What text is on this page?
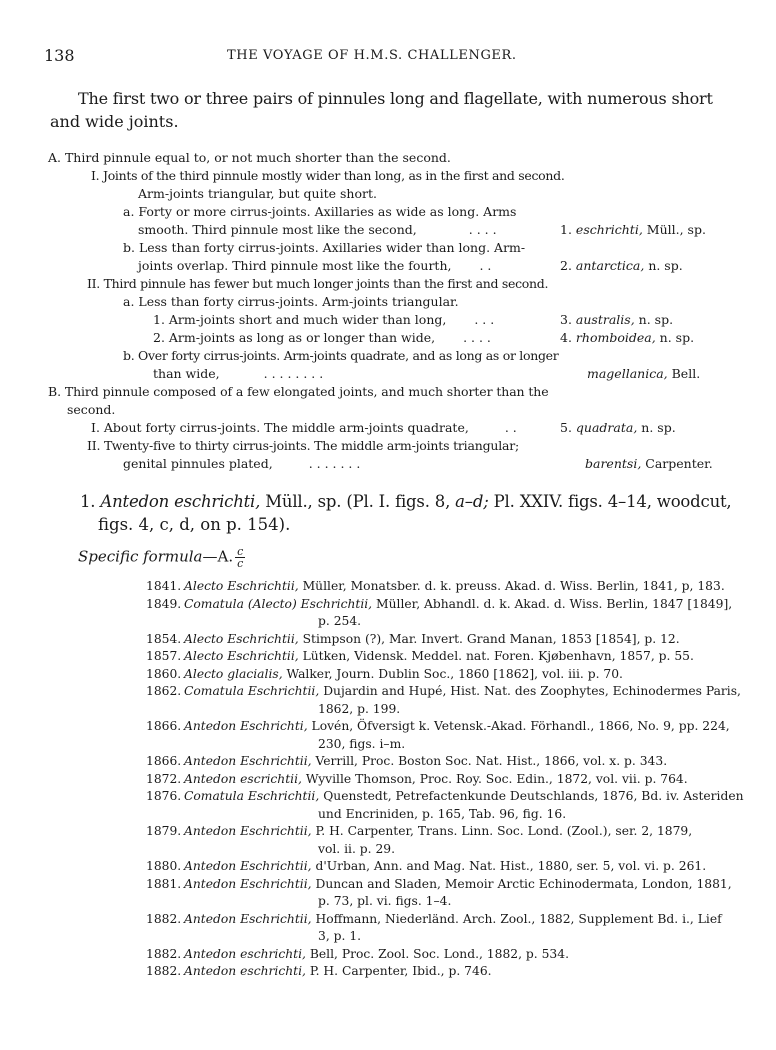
138	THE VOYAGE OF H.M.S. CHALLENGER.
The first two or three pairs of pinnules long and flagellate, with numerous short
and wide joints.
A. Third pinnule equal to, or not much shorter than the second.
I. Joints of the third pinnule mostly wider than long, as in the first and second.
Arm-joints triangular, but quite short.
a. Forty or more cirrus-joints. Axillaries as wide as long. Arms
smooth. Third pinnule most like the second,	. . . .	1. eschrichti, Müll., sp.
b. Less than forty cirrus-joints. Axillaries wider than long. Arm-
joints overlap. Third pinnule most like the fourth, . .	2. antarctica, n. sp.
II. Third pinnule has fewer but much longer joints than the first and second.
a. Less than forty cirrus-joints. Arm-joints triangular.
1. Arm-joints short and much wider than long, . . .	3. australis, n. sp.
2. Arm-joints as long as or longer than wide, . . . .	4. rhomboidea, n. sp.
b. Over forty cirrus-joints. Arm-joints quadrate, and as long as or longer
than wide,	. . . . . . . .	magellanica, Bell.
B. Third pinnule composed of a few elongated joints, and much shorter than the
second.
I. About forty cirrus-joints. The middle arm-joints quadrate,	. .	5. quadrata, n. sp.
II. Twenty-five to thirty cirrus-joints. The middle arm-joints triangular;
genital pinnules plated,	. . . . . . .	barentsi, Carpenter.
1. Antedon eschrichti, Müll., sp. (Pl. I. figs. 8, a–d; Pl. XXIV. figs. 4–14, woodcut,
figs. 4, c, d, on p. 154).
Specific formula—A. $\frac{c}{c}$
1841. Alecto Eschrichtii, Müller, Monatsber. d. k. preuss. Akad. d. Wiss. Berlin, 1841, p, 183.
1849. Comatula (Alecto) Eschrichtii, Müller, Abhandl. d. k. Akad. d. Wiss. Berlin, 1847 [1849],
p. 254.
1854. Alecto Eschrichtii, Stimpson (?), Mar. Invert. Grand Manan, 1853 [1854], p. 12.
1857. Alecto Eschrichtii, Lütken, Vidensk. Meddel. nat. Foren. Kjøbenhavn, 1857, p. 55.
1860. Alecto glacialis, Walker, Journ. Dublin Soc., 1860 [1862], vol. iii. p. 70.
1862. Comatula Eschrichtii, Dujardin and Hupé, Hist. Nat. des Zoophytes, Echinodermes Paris,
1862, p. 199.
1866. Antedon Eschrichti, Lovén, Öfversigt k. Vetensk.-Akad. Förhandl., 1866, No. 9, pp. 224,
230, figs. i–m.
1866. Antedon Eschrichtii, Verrill, Proc. Boston Soc. Nat. Hist., 1866, vol. x. p. 343.
1872. Antedon escrichtii, Wyville Thomson, Proc. Roy. Soc. Edin., 1872, vol. vii. p. 764.
1876. Comatula Eschrichtii, Quenstedt, Petrefactenkunde Deutschlands, 1876, Bd. iv. Asteriden
und Encriniden, p. 165, Tab. 96, fig. 16.
1879. Antedon Eschrichtii, P. H. Carpenter, Trans. Linn. Soc. Lond. (Zool.), ser. 2, 1879,
vol. ii. p. 29.
1880. Antedon Eschrichtii, d'Urban, Ann. and Mag. Nat. Hist., 1880, ser. 5, vol. vi. p. 261.
1881. Antedon Eschrichtii, Duncan and Sladen, Memoir Arctic Echinodermata, London, 1881,
p. 73, pl. vi. figs. 1–4.
1882. Antedon Eschrichtii, Hoffmann, Niederländ. Arch. Zool., 1882, Supplement Bd. i., Lief
3, p. 1.
1882. Antedon eschrichti, Bell, Proc. Zool. Soc. Lond., 1882, p. 534.
1882. Antedon eschrichti, P. H. Carpenter, Ibid., p. 746.
